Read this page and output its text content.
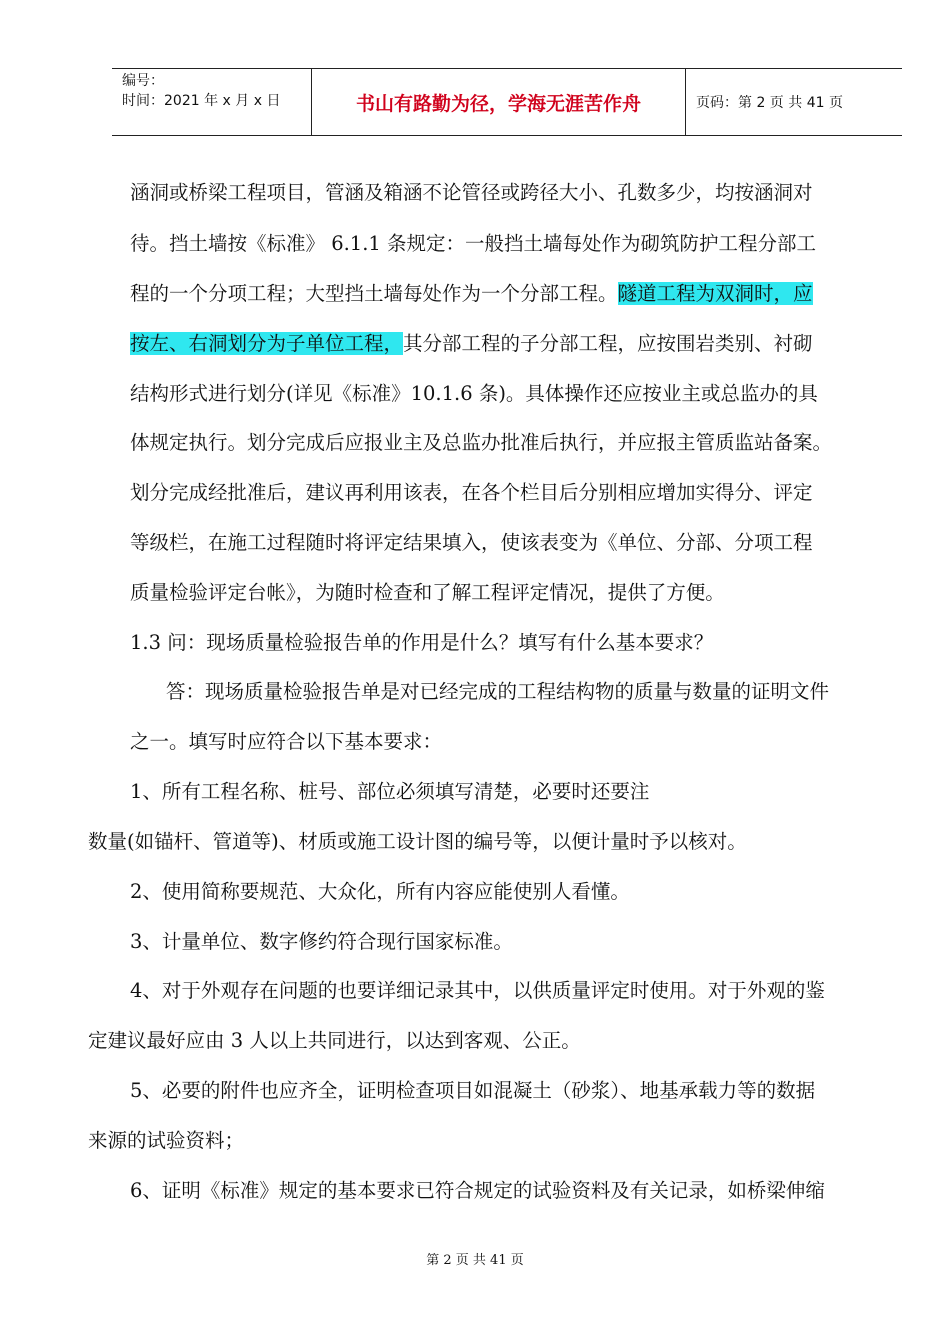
编号：
时间：2021 年 x 月 x 日	书山有路勤为径，学海无涯苦作舟	页码：第 2 页 共 41 页
涵洞或桥梁工程项目，管涵及箱涵不论管径或跨径大小、孔数多少，均按涵洞对
待。挡土墙按《标准》 6.1.1 条规定：一般挡土墙每处作为砌筑防护工程分部工
程的一个分项工程；大型挡土墙每处作为一个分部工程。隧道工程为双洞时，应
按左、右洞划分为子单位工程，其分部工程的子分部工程，应按围岩类别、衬砌
结构形式进行划分(详见《标准》10.1.6 条)。具体操作还应按业主或总监办的具
体规定执行。划分完成后应报业主及总监办批准后执行，并应报主管质监站备案。
划分完成经批准后，建议再利用该表，在各个栏目后分别相应增加实得分、评定
等级栏，在施工过程随时将评定结果填入，使该表变为《单位、分部、分项工程
质量检验评定台帐》，为随时检查和了解工程评定情况，提供了方便。
1.3 问：现场质量检验报告单的作用是什么？填写有什么基本要求？
答：现场质量检验报告单是对已经完成的工程结构物的质量与数量的证明文件
之一。填写时应符合以下基本要求：
1、所有工程名称、桩号、部位必须填写清楚，必要时还要注
数量(如锚杆、管道等)、材质或施工设计图的编号等，以便计量时予以核对。
2、使用简称要规范、大众化，所有内容应能使别人看懂。
3、计量单位、数字修约符合现行国家标准。
4、对于外观存在问题的也要详细记录其中，以供质量评定时使用。对于外观的鉴
定建议最好应由 3 人以上共同进行，以达到客观、公正。
5、必要的附件也应齐全，证明检查项目如混凝土（砂浆）、地基承载力等的数据
来源的试验资料；
6、证明《标准》规定的基本要求已符合规定的试验资料及有关记录，如桥梁伸缩
第 2 页 共 41 页
